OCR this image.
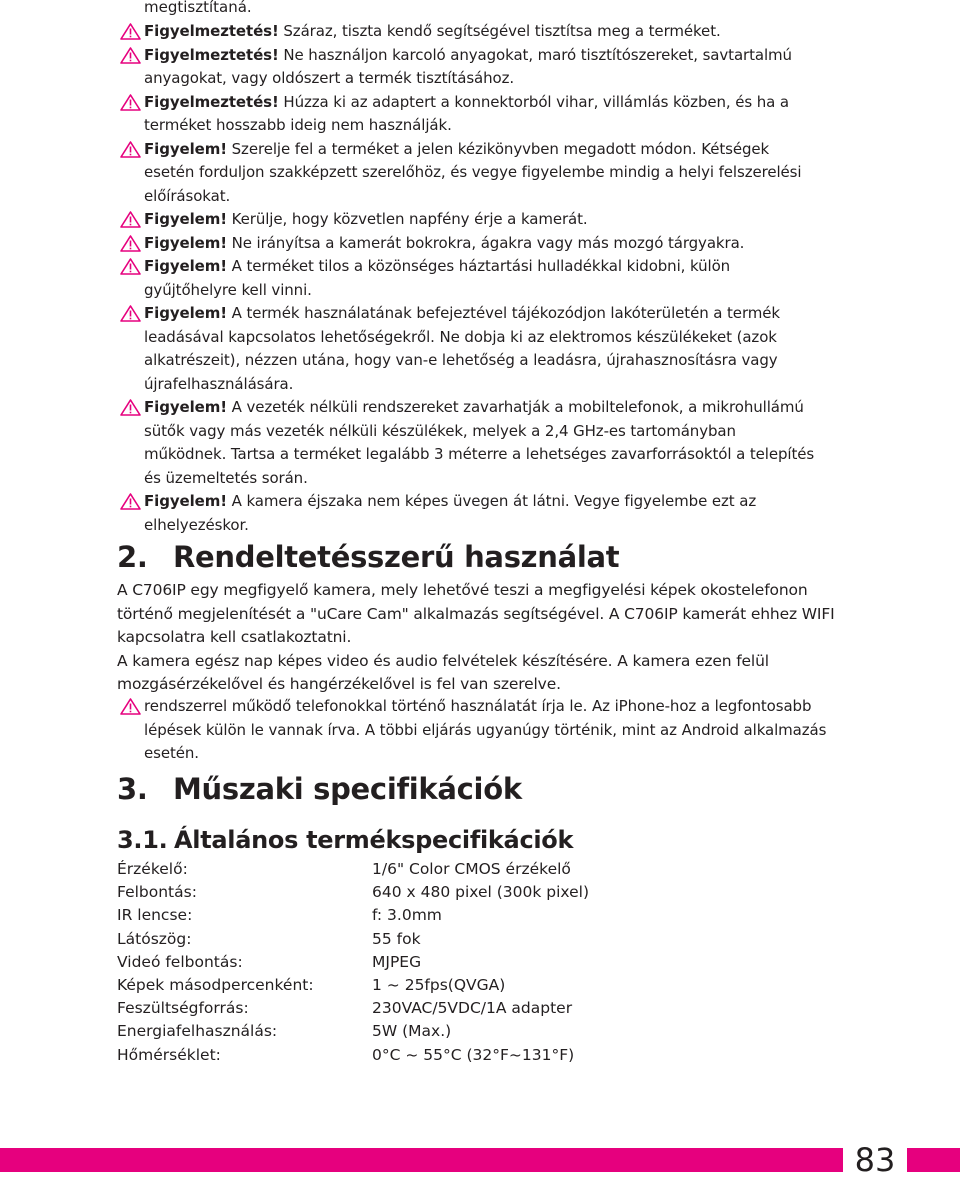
megtisztítaná.
Figyelmeztetés! Száraz, tiszta kendő segítségével tisztítsa meg a terméket.
Figyelmeztetés! Ne használjon karcoló anyagokat, maró tisztítószereket, savtartalmú anyagokat, vagy oldószert a termék tisztításához.
Figyelmeztetés! Húzza ki az adaptert a konnektorból vihar, villámlás közben, és ha a terméket hosszabb ideig nem használják.
Figyelem! Szerelje fel a terméket a jelen kézikönyvben megadott módon. Kétségek esetén forduljon szakképzett szerelőhöz, és vegye figyelembe mindig a helyi felszerelési előírásokat.
Figyelem! Kerülje, hogy közvetlen napfény érje a kamerát.
Figyelem! Ne irányítsa a kamerát bokrokra, ágakra vagy más mozgó tárgyakra.
Figyelem! A terméket tilos a közönséges háztartási hulladékkal kidobni, külön gyűjtőhelyre kell vinni.
Figyelem! A termék használatának befejeztével tájékozódjon lakóterületén a termék leadásával kapcsolatos lehetőségekről. Ne dobja ki az elektromos készülékeket (azok alkatrészeit), nézzen utána, hogy van-e lehetőség a leadásra, újrahasznosításra vagy újrafelhasználására.
Figyelem! A vezeték nélküli rendszereket zavarhatják a mobiltelefonok, a mikrohullámú sütők vagy más vezeték nélküli készülékek, melyek a 2,4 GHz-es tartományban működnek. Tartsa a terméket legalább 3 méterre a lehetséges zavarforrásoktól a telepítés és üzemeltetés során.
Figyelem! A kamera éjszaka nem képes üvegen át látni. Vegye figyelembe ezt az elhelyezéskor.
2. Rendeltetésszerű használat

A C706IP egy megfigyelő kamera, mely lehetővé teszi a megfigyelési képek okostelefonon történő megjelenítését a "uCare Cam" alkalmazás segítségével. A C706IP kamerát ehhez WIFI kapcsolatra kell csatlakoztatni.

A kamera egész nap képes video és audio felvételek készítésére. A kamera ezen felül mozgásérzékelővel és hangérzékelővel is fel van szerelve.

rendszerrel működő telefonokkal történő használatát írja le. Az iPhone-hoz a legfontosabb lépések külön le vannak írva. A többi eljárás ugyanúgy történik, mint az Android alkalmazás esetén.
3. Műszaki specifikációk
3.1. Általános termékspecifikációk
Érzékelő:	1/6" Color CMOS érzékelő
Felbontás:	640 x 480 pixel (300k pixel)
IR lencse:	f: 3.0mm
Látószög:	55 fok
Videó felbontás:	MJPEG
Képek másodpercenként:	1 ~ 25fps(QVGA)
Feszültségforrás:	230VAC/5VDC/1A adapter
Energiafelhasználás:	5W (Max.)
Hőmérséklet:	0°C ~ 55°C (32°F~131°F)
83
